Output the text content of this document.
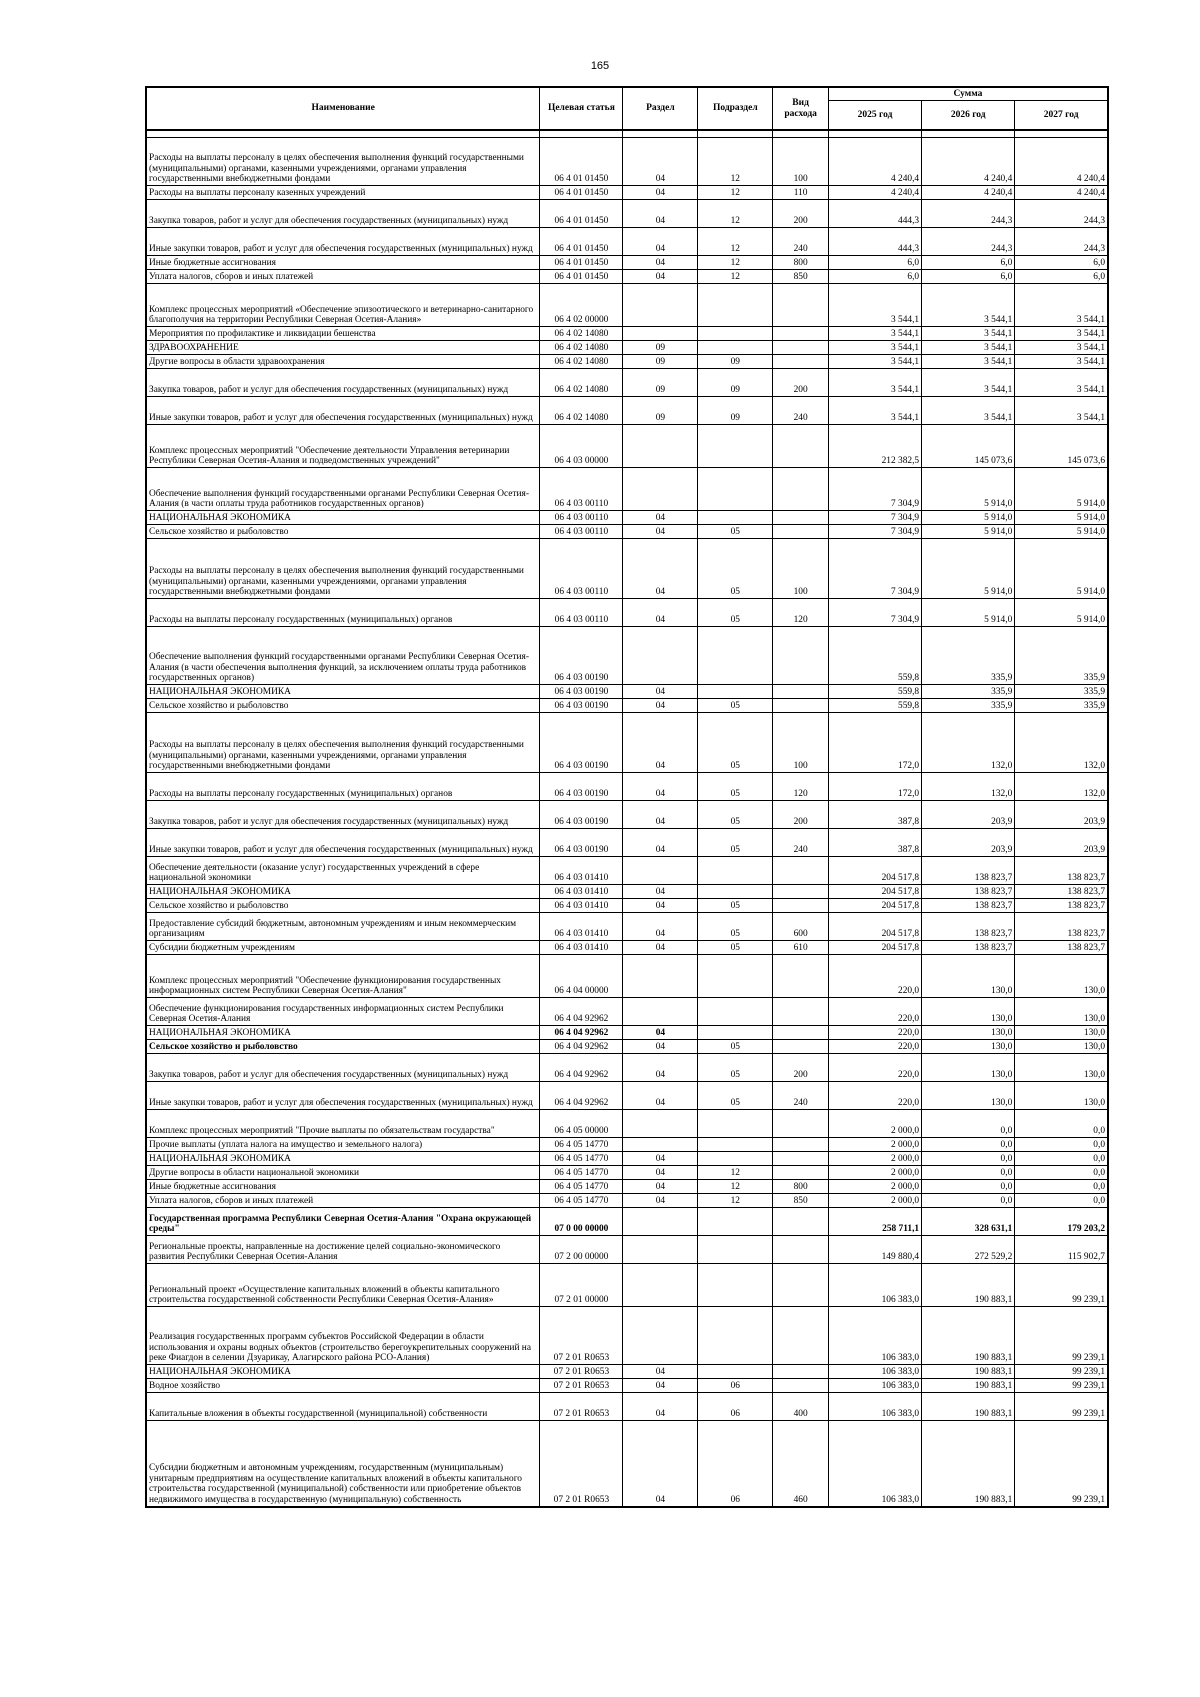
165
Наименование	Целевая статья	Раздел	Подраздел	Вид расхода	Сумма		
					2025 год	2026 год	2027 год

Расходы на выплаты персоналу в целях обеспечения выполнения функций государственными (муниципальными) органами, казенными учреждениями, органами управления государственными внебюджетными фондами	06 4 01 01450	04	12	100	4 240,4	4 240,4	4 240,4
Расходы на выплаты персоналу казенных учреждений	06 4 01 01450	04	12	110	4 240,4	4 240,4	4 240,4
Закупка товаров, работ и услуг для обеспечения государственных (муниципальных) нужд	06 4 01 01450	04	12	200	444,3	244,3	244,3
Иные закупки товаров, работ и услуг для обеспечения государственных (муниципальных) нужд	06 4 01 01450	04	12	240	444,3	244,3	244,3
Иные бюджетные ассигнования	06 4 01 01450	04	12	800	6,0	6,0	6,0
Уплата налогов, сборов и иных платежей	06 4 01 01450	04	12	850	6,0	6,0	6,0
Комплекс процессных мероприятий «Обеспечение эпизоотического и ветеринарно-санитарного благополучия на территории Республики Северная Осетия-Алания»	06 4 02 00000				3 544,1	3 544,1	3 544,1
Мероприятия по профилактике и ликвидации бешенства	06 4 02 14080				3 544,1	3 544,1	3 544,1
ЗДРАВООХРАНЕНИЕ	06 4 02 14080	09			3 544,1	3 544,1	3 544,1
Другие вопросы в области здравоохранения	06 4 02 14080	09	09		3 544,1	3 544,1	3 544,1
Закупка товаров, работ и услуг для обеспечения государственных (муниципальных) нужд	06 4 02 14080	09	09	200	3 544,1	3 544,1	3 544,1
Иные закупки товаров, работ и услуг для обеспечения государственных (муниципальных) нужд	06 4 02 14080	09	09	240	3 544,1	3 544,1	3 544,1
Комплекс процессных мероприятий "Обеспечение деятельности Управления ветеринарии Республики Северная Осетия-Алания и подведомственных учреждений"	06 4 03 00000				212 382,5	145 073,6	145 073,6
Обеспечение выполнения функций государственными органами Республики Северная Осетия-Алания (в части оплаты труда работников государственных органов)	06 4 03 00110				7 304,9	5 914,0	5 914,0
НАЦИОНАЛЬНАЯ ЭКОНОМИКА	06 4 03 00110	04			7 304,9	5 914,0	5 914,0
Сельское хозяйство и рыболовство	06 4 03 00110	04	05		7 304,9	5 914,0	5 914,0
Расходы на выплаты персоналу в целях обеспечения выполнения функций государственными (муниципальными) органами, казенными учреждениями, органами управления государственными внебюджетными фондами	06 4 03 00110	04	05	100	7 304,9	5 914,0	5 914,0
Расходы на выплаты персоналу государственных (муниципальных) органов	06 4 03 00110	04	05	120	7 304,9	5 914,0	5 914,0
Обеспечение выполнения функций государственными органами Республики Северная Осетия-Алания (в части обеспечения выполнения функций, за исключением оплаты труда работников государственных органов)	06 4 03 00190				559,8	335,9	335,9
НАЦИОНАЛЬНАЯ ЭКОНОМИКА	06 4 03 00190	04			559,8	335,9	335,9
Сельское хозяйство и рыболовство	06 4 03 00190	04	05		559,8	335,9	335,9
Расходы на выплаты персоналу в целях обеспечения выполнения функций государственными (муниципальными) органами, казенными учреждениями, органами управления государственными внебюджетными фондами	06 4 03 00190	04	05	100	172,0	132,0	132,0
Расходы на выплаты персоналу государственных (муниципальных) органов	06 4 03 00190	04	05	120	172,0	132,0	132,0
Закупка товаров, работ и услуг для обеспечения государственных (муниципальных) нужд	06 4 03 00190	04	05	200	387,8	203,9	203,9
Иные закупки товаров, работ и услуг для обеспечения государственных (муниципальных) нужд	06 4 03 00190	04	05	240	387,8	203,9	203,9
Обеспечение деятельности (оказание услуг) государственных учреждений в сфере национальной экономики	06 4 03 01410				204 517,8	138 823,7	138 823,7
НАЦИОНАЛЬНАЯ ЭКОНОМИКА	06 4 03 01410	04			204 517,8	138 823,7	138 823,7
Сельское хозяйство и рыболовство	06 4 03 01410	04	05		204 517,8	138 823,7	138 823,7
Предоставление субсидий бюджетным, автономным учреждениям и иным некоммерческим организациям	06 4 03 01410	04	05	600	204 517,8	138 823,7	138 823,7
Субсидии бюджетным учреждениям	06 4 03 01410	04	05	610	204 517,8	138 823,7	138 823,7
Комплекс процессных мероприятий "Обеспечение функционирования государственных информационных систем Республики Северная Осетия-Алания"	06 4 04 00000				220,0	130,0	130,0
Обеспечение функционирования государственных информационных систем Республики Северная Осетия-Алания	06 4 04 92962				220,0	130,0	130,0
НАЦИОНАЛЬНАЯ ЭКОНОМИКА	06 4 04 92962	04			220,0	130,0	130,0
Сельское хозяйство и рыболовство	06 4 04 92962	04	05		220,0	130,0	130,0
Закупка товаров, работ и услуг для обеспечения государственных (муниципальных) нужд	06 4 04 92962	04	05	200	220,0	130,0	130,0
Иные закупки товаров, работ и услуг для обеспечения государственных (муниципальных) нужд	06 4 04 92962	04	05	240	220,0	130,0	130,0
Комплекс процессных мероприятий "Прочие выплаты по обязательствам государства"	06 4 05 00000				2 000,0	0,0	0,0
Прочие выплаты (уплата налога на имущество и земельного налога)	06 4 05 14770				2 000,0	0,0	0,0
НАЦИОНАЛЬНАЯ ЭКОНОМИКА	06 4 05 14770	04			2 000,0	0,0	0,0
Другие вопросы в области национальной экономики	06 4 05 14770	04	12		2 000,0	0,0	0,0
Иные бюджетные ассигнования	06 4 05 14770	04	12	800	2 000,0	0,0	0,0
Уплата налогов, сборов и иных платежей	06 4 05 14770	04	12	850	2 000,0	0,0	0,0
Государственная программа Республики Северная Осетия-Алания "Охрана окружающей среды"	07 0 00 00000				258 711,1	328 631,1	179 203,2
Региональные проекты, направленные на достижение целей социально-экономического развития Республики Северная Осетия-Алания	07 2 00 00000				149 880,4	272 529,2	115 902,7
Региональный проект «Осуществление капитальных вложений в объекты капитального строительства государственной собственности Республики Северная Осетия-Алания»	07 2 01 00000				106 383,0	190 883,1	99 239,1
Реализация государственных программ субъектов Российской Федерации в области использования и охраны водных объектов (строительство берегоукрепительных сооружений на реке Фиагдон в селении Дзуарикау, Алагирского района РСО-Алания)	07 2 01 R0653				106 383,0	190 883,1	99 239,1
НАЦИОНАЛЬНАЯ ЭКОНОМИКА	07 2 01 R0653	04			106 383,0	190 883,1	99 239,1
Водное хозяйство	07 2 01 R0653	04	06		106 383,0	190 883,1	99 239,1
Капитальные вложения в объекты государственной (муниципальной) собственности	07 2 01 R0653	04	06	400	106 383,0	190 883,1	99 239,1
Субсидии бюджетным и автономным учреждениям, государственным (муниципальным) унитарным предприятиям на осуществление капитальных вложений в объекты капитального строительства государственной (муниципальной) собственности или приобретение объектов недвижимого имущества в государственную (муниципальную) собственность	07 2 01 R0653	04	06	460	106 383,0	190 883,1	99 239,1
